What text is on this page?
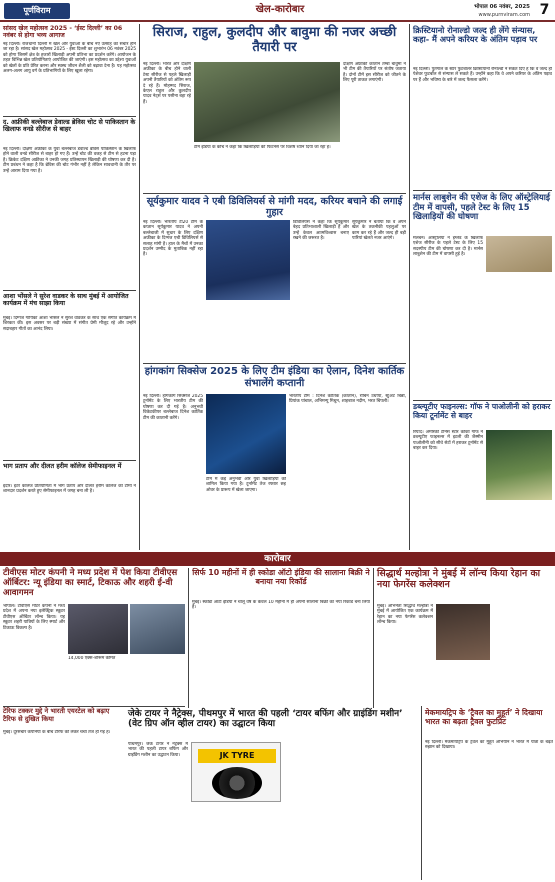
पूर्णविराम	खेल-कारोबार	भोपाल 06 नवंबर, 2025
www.purnviram.com 7
सांसद खेल महोत्सव 2025 - ‘ईस्ट दिल्ली’ का 06 नवंबर से होगा भव्य आगाज
नई दिल्ली। राजधानी दिल्ली में खेल और युवाओं के बीच नए उत्साह का संचार होने जा रहा है। सांसद खेल महोत्सव 2025 - ईस्ट दिल्ली का शुभारंभ 06 नवंबर 2025 को होगा जिसमें क्षेत्र के हजारों खिलाड़ी अपनी प्रतिभा का प्रदर्शन करेंगे। आयोजन के तहत विभिन्न खेल प्रतियोगिताएं आयोजित की जाएंगी। इस महोत्सव का उद्देश्य युवाओं को खेलों के प्रति प्रेरित करना और स्वस्थ जीवन शैली को बढ़ावा देना है। यह महोत्सव अलग-अलग आयु वर्ग के प्रतिभागियों के लिए खुला रहेगा।
द. अफ्रीकी बल्लेबाज डेवाल्ड ब्रेविस चोट से पाकिस्तान के खिलाफ वनडे सीरीज से बाहर
नई दिल्ली। दक्षिण अफ्रीका के युवा बल्लेबाज डेवाल्ड ब्रेविस पाकिस्तान के खिलाफ होने वाली वनडे सीरीज से बाहर हो गए हैं। उन्हें चोट की वजह से टीम से हटना पड़ा है। क्रिकेट दक्षिण अफ्रीका ने उनकी जगह प्रतिस्थापन खिलाड़ी की घोषणा कर दी है। टीम प्रबंधन ने कहा है कि ब्रेविस की चोट गंभीर नहीं है लेकिन सावधानी के तौर पर उन्हें आराम दिया गया है।
आशा भोंसले ने सुरेश वाडकर के साथ मुंबई में आयोजित कार्यक्रम में मंच साझा किया
मुंबई। दिग्गज गायिका आशा भोंसले ने सुरेश वाडकर के साथ एक संगीत कार्यक्रम में शिरकत की। इस अवसर पर बड़ी संख्या में संगीत प्रेमी मौजूद रहे और उन्होंने सदाबहार गीतों का आनंद लिया।
भाग प्रताप और दीलत हरीम कॉलेज सेमीफाइनल में
इंदौर। इंटर कॉलेज प्रतियोगिता में भाग प्रताप और दीलत हरीम कॉलेज की टीमों ने शानदार प्रदर्शन करते हुए सेमीफाइनल में जगह बना ली है।
सिराज, राहुल, कुलदीप और बावुमा की नजर अच्छी तैयारी पर
नई दिल्ली। भारत और दक्षिण अफ्रीका के बीच होने वाली टेस्ट सीरीज से पहले खिलाड़ी अपनी तैयारियों को अंतिम रूप दे रहे हैं। मोहम्मद सिराज, केएल राहुल और कुलदीप यादव नेट्स पर पसीना बहा रहे हैं।
दक्षिण अफ्रीकी कप्तान तेम्बा बावुमा ने भी टीम की तैयारियों पर संतोष जताया है। दोनों टीमें इस सीरीज को जीतने के लिए पूरी ताकत लगाएंगी।
टीम इंडिया के कोच ने कहा कि खिलाड़ियों की फिटनेस पर विशेष ध्यान दिया जा रहा है।
सूर्यकुमार यादव ने एबी डिविलियर्स से मांगी मदद, करियर बचाने की लगाई गुहार
नई दिल्ली। भारतीय टी20 टीम के कप्तान सूर्यकुमार यादव ने अपनी बल्लेबाजी में सुधार के लिए दक्षिण अफ्रीका के दिग्गज एबी डिविलियर्स से सलाह मांगी है। हाल के मैचों में उनका प्रदर्शन उम्मीद के मुताबिक नहीं रहा है।
डिविलियर्स ने कहा कि सूर्यकुमार बेहद प्रतिभाशाली खिलाड़ी हैं और उन्हें केवल आत्मविश्वास बनाए रखने की जरूरत है।
सूर्यकुमार ने बताया कि वे अपने खेल के तकनीकी पहलुओं पर काम कर रहे हैं और जल्द ही बड़ी पारियां खेलते नजर आएंगे।
हांगकांग सिक्सेज 2025 के लिए टीम इंडिया का ऐलान, दिनेश कार्तिक संभालेंगे कप्तानी
नई दिल्ली। हांगकांग सिक्सेज 2025 टूर्नामेंट के लिए भारतीय टीम की घोषणा कर दी गई है। अनुभवी विकेटकीपर बल्लेबाज दिनेश कार्तिक टीम की कप्तानी करेंगे।
टीम में कई अनुभवी और युवा खिलाड़ियों को शामिल किया गया है। टूर्नामेंट तेज रफ्तार छह ओवर के प्रारूप में खेला जाएगा।
भारतीय टीम : दिनेश कार्तिक (कप्तान), रॉबिन उथप्पा, स्टुअर्ट बिन्नी, प्रियांक पांचाल, अभिमन्यु मिथुन, शाहबाज नदीम, भरत चिपली।
क्रिस्टियानो रोनाल्डो जल्द ही लेंगे संन्यास, कहा- मैं अपने करियर के अंतिम पड़ाव पर
नई दिल्ली। पुर्तगाल के स्टार फुटबॉलर क्रिस्टियानो रोनाल्डो ने संकेत दिए हैं कि वे जल्द ही पेशेवर फुटबॉल से संन्यास ले सकते हैं। उन्होंने कहा कि वे अपने करियर के अंतिम पड़ाव पर हैं और भविष्य के बारे में जल्द फैसला करेंगे।
मार्नस लाबुशेन की एशेज के लिए ऑस्ट्रेलियाई टीम में वापसी, पहले टेस्ट के लिए 15 खिलाड़ियों की घोषणा
मेलबर्न। ऑस्ट्रेलिया ने इंग्लैंड के खिलाफ एशेज सीरीज के पहले टेस्ट के लिए 15 सदस्यीय टीम की घोषणा कर दी है। मार्नस लाबुशेन की टीम में वापसी हुई है।
डब्ल्यूटीए फाइनल्स: गॉफ ने पाओलीनी को हराकर किया टूर्नामेंट से बाहर
रियाद। अमेरिकी टेनिस स्टार कोको गॉफ ने डब्ल्यूटीए फाइनल्स में इटली की जैस्मीन पाओलीनी को सीधे सेटों में हराकर टूर्नामेंट से बाहर कर दिया।
कारोबार
टीवीएस मोटर कंपनी ने मध्य प्रदेश में पेश किया टीवीएस ऑर्बिटर: न्यू इंडिया का स्मार्ट, टिकाऊ और शहरी ई-वी आवागमन
भोपाल। टीवीएस मोटर कंपनी ने मध्य प्रदेश में अपना नया इलेक्ट्रिक स्कूटर टीवीएस ऑर्बिटर लॉन्च किया। यह स्कूटर शहरी यात्रियों के लिए स्मार्ट और टिकाऊ विकल्प है।
14,000 एक्स-शोरूम कीमत
टेरिफ टक्कर मुद्दे ने भारती एयरटेल को बढ़ाए टैरिफ से दुखित किया
सिर्फ 10 महीनों में ही स्कोडा ऑटो इंडिया की सालाना बिक्री ने बनाया नया रिकॉर्ड
मुंबई। स्कोडा ऑटो इंडिया ने चालू वर्ष के केवल 10 महीनों में ही अपनी सालाना बिक्री का नया रिकॉर्ड बना लिया है।
सिद्धार्थ मल्होत्रा ने मुंबई में लॉन्च किया रेहान का नया फेगरेंस कलेक्शन
मुंबई। अभिनेता सिद्धार्थ मल्होत्रा ने मुंबई में आयोजित एक कार्यक्रम में रेहान का नया फेगरेंस कलेक्शन लॉन्च किया।
जेके टायर ने नैट्रेक्स, पीथमपुर में भारत की पहली ‘टायर बफिंग और ग्राइंडिंग मशीन’ (वेट ग्रिप ऑन व्हील टायर) का उद्घाटन किया
मुंबई। दूरसंचार कंपनियों के बीच टैरिफ को लेकर चर्चा तेज हो गई है।
पीथमपुर। जेके टायर ने नैट्रेक्स में भारत की पहली टायर बफिंग और ग्राइंडिंग मशीन का उद्घाटन किया।	JK TYRE
मेकमायट्रिप के ‘ट्रैवल का मुहूर्त’ ने दिखाया भारत का बढ़ता ट्रैवल फुटप्रिंट
नई दिल्ली। मेकमायट्रिप के ट्रैवल का मुहूर्त अभियान ने भारत में यात्रा के बढ़ते रुझान को दिखाया।
